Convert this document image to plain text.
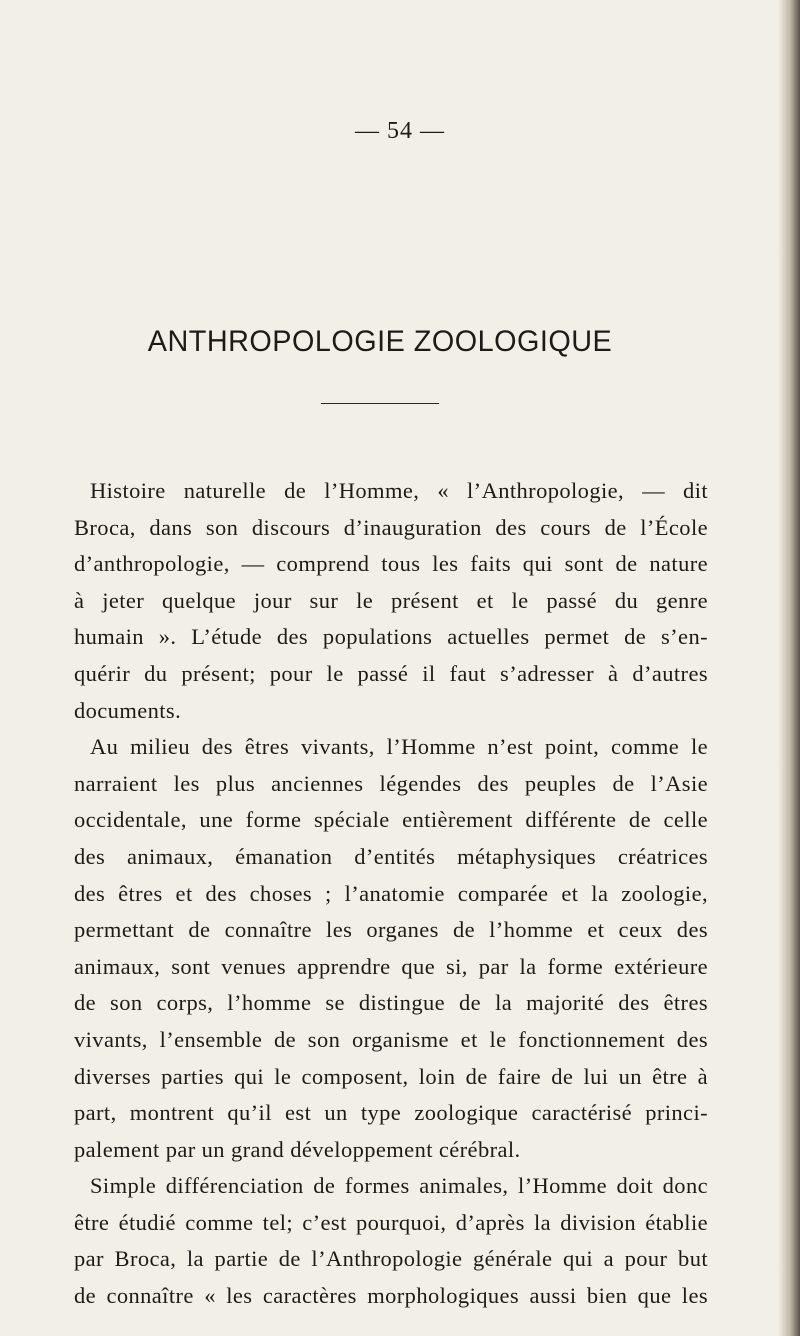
— 54 —
ANTHROPOLOGIE ZOOLOGIQUE

Histoire naturelle de l’Homme, « l’Anthropologie, — dit
Broca, dans son discours d’inauguration des cours de l’École
d’anthropologie, — comprend tous les faits qui sont de nature
à jeter quelque jour sur le présent et le passé du genre
humain ». L’étude des populations actuelles permet de s’en-
quérir du présent; pour le passé il faut s’adresser à d’autres
documents.

Au milieu des êtres vivants, l’Homme n’est point, comme le
narraient les plus anciennes légendes des peuples de l’Asie
occidentale, une forme spéciale entièrement différente de celle
des animaux, émanation d’entités métaphysiques créatrices
des êtres et des choses ; l’anatomie comparée et la zoologie,
permettant de connaître les organes de l’homme et ceux des
animaux, sont venues apprendre que si, par la forme extérieure
de son corps, l’homme se distingue de la majorité des êtres
vivants, l’ensemble de son organisme et le fonctionnement des
diverses parties qui le composent, loin de faire de lui un être à
part, montrent qu’il est un type zoologique caractérisé princi-
palement par un grand développement cérébral.

Simple différenciation de formes animales, l’Homme doit donc
être étudié comme tel; c’est pourquoi, d’après la division établie
par Broca, la partie de l’Anthropologie générale qui a pour but
de connaître « les caractères morphologiques aussi bien que les
